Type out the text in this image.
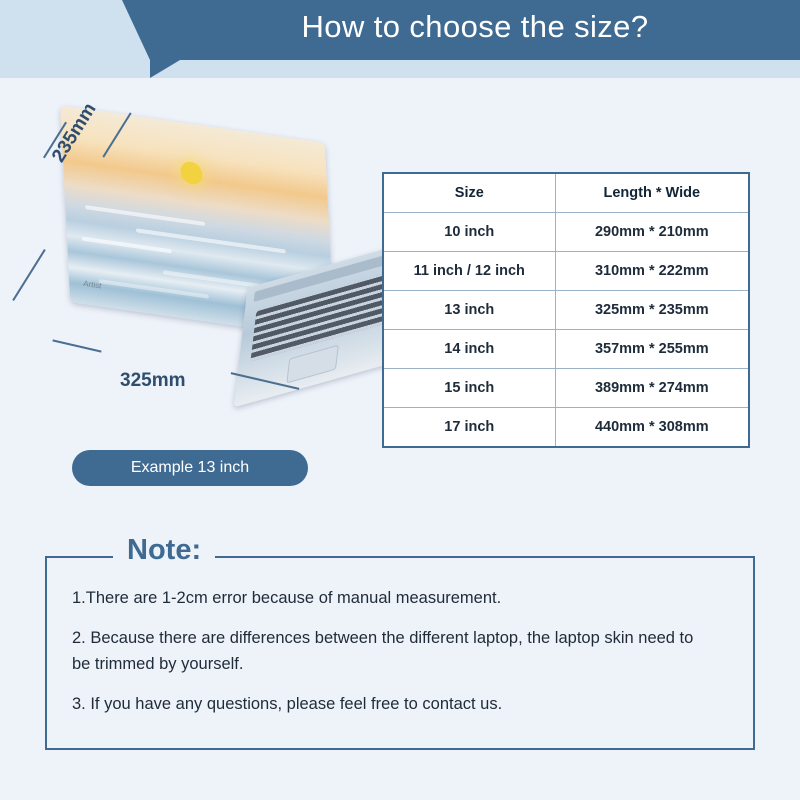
How to choose the size?
Artist
325mm
235mm
Example 13 inch
Size	Length * Wide
10 inch	290mm * 210mm
11 inch / 12 inch	310mm * 222mm
13 inch	325mm * 235mm
14 inch	357mm * 255mm
15 inch	389mm * 274mm
17 inch	440mm * 308mm
Note:
1.There are 1-2cm error because of manual measurement.
2. Because there are differences between the different laptop, the laptop skin need to be trimmed by yourself.
3. If you have any questions, please feel free to contact us.
